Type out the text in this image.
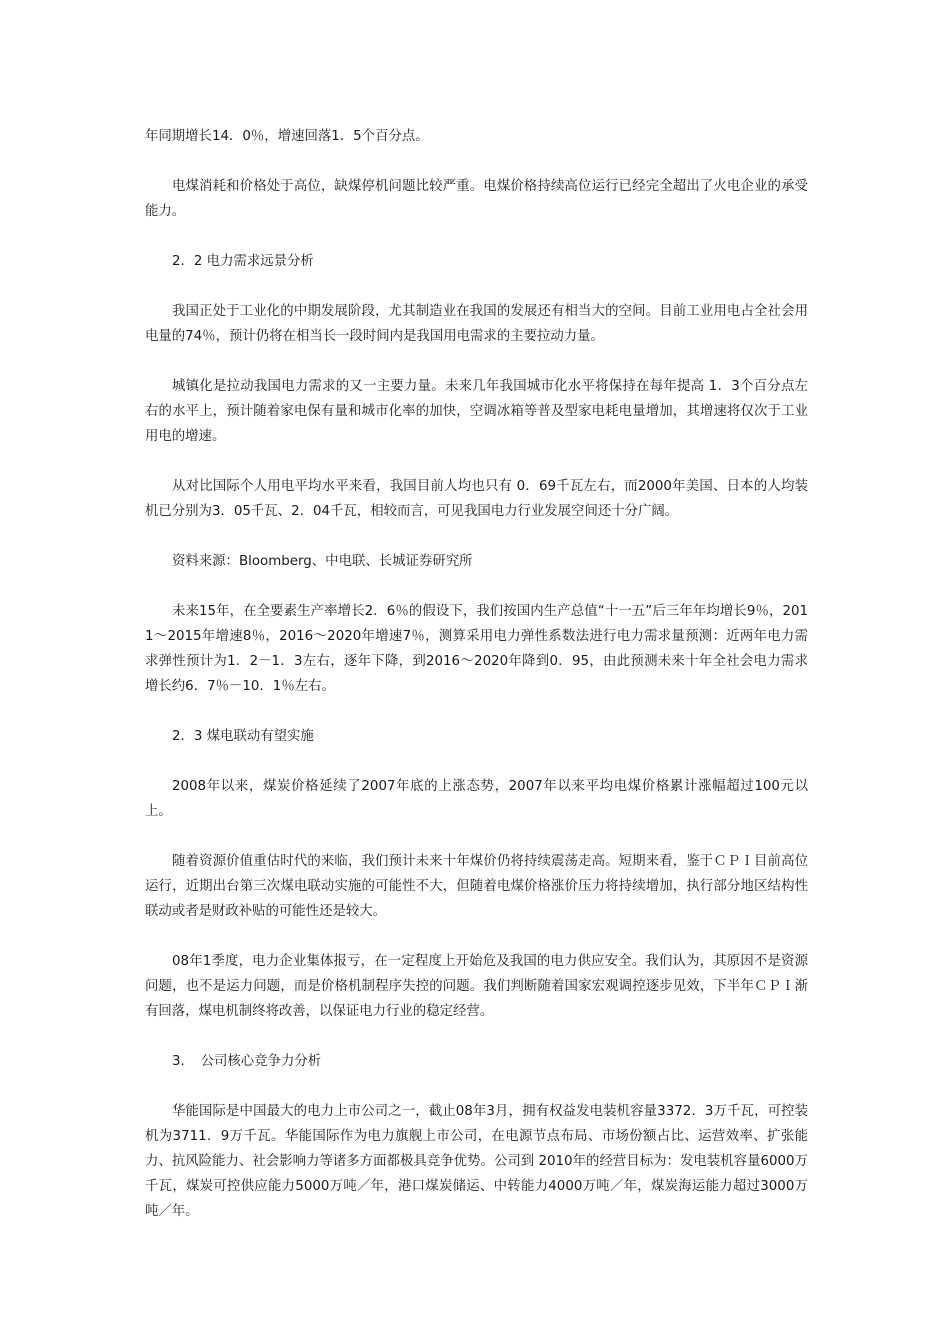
年同期增长14．0％，增速回落1．5个百分点。

电煤消耗和价格处于高位，缺煤停机问题比较严重。电煤价格持续高位运行已经完全超出了火电企业的承受能力。

2．2 电力需求远景分析

我国正处于工业化的中期发展阶段，尤其制造业在我国的发展还有相当大的空间。目前工业用电占全社会用电量的74％，预计仍将在相当长一段时间内是我国用电需求的主要拉动力量。

城镇化是拉动我国电力需求的又一主要力量。未来几年我国城市化水平将保持在每年提高 1．3个百分点左右的水平上，预计随着家电保有量和城市化率的加快，空调冰箱等普及型家电耗电量增加，其增速将仅次于工业用电的增速。

从对比国际个人用电平均水平来看，我国目前人均也只有 0．69千瓦左右，而2000年美国、日本的人均装机已分别为3．05千瓦、2．04千瓦，相较而言，可见我国电力行业发展空间还十分广阔。

资料来源：Bloomberg、中电联、长城证券研究所

未来15年，在全要素生产率增长2．6％的假设下，我们按国内生产总值“十一五”后三年年均增长9％，2011～2015年增速8％，2016～2020年增速7％，测算采用电力弹性系数法进行电力需求量预测：近两年电力需求弹性预计为1．2－1．3左右，逐年下降，到2016～2020年降到0．95，由此预测未来十年全社会电力需求增长约6．7％－10．1％左右。

2．3 煤电联动有望实施

2008年以来，煤炭价格延续了2007年底的上涨态势，2007年以来平均电煤价格累计涨幅超过100元以上。

随着资源价值重估时代的来临，我们预计未来十年煤价仍将持续震荡走高。短期来看，鉴于ＣＰＩ目前高位运行，近期出台第三次煤电联动实施的可能性不大，但随着电煤价格涨价压力将持续增加，执行部分地区结构性联动或者是财政补贴的可能性还是较大。

08年1季度，电力企业集体报亏，在一定程度上开始危及我国的电力供应安全。我们认为，其原因不是资源问题，也不是运力问题，而是价格机制程序失控的问题。我们判断随着国家宏观调控逐步见效，下半年ＣＰＩ渐有回落，煤电机制终将改善，以保证电力行业的稳定经营。

3．　公司核心竞争力分析

华能国际是中国最大的电力上市公司之一，截止08年3月，拥有权益发电装机容量3372．3万千瓦，可控装机为3711．9万千瓦。华能国际作为电力旗舰上市公司，在电源节点布局、市场份额占比、运营效率、扩张能力、抗风险能力、社会影响力等诸多方面都极具竞争优势。公司到 2010年的经营目标为：发电装机容量6000万千瓦，煤炭可控供应能力5000万吨／年，港口煤炭储运、中转能力4000万吨／年，煤炭海运能力超过3000万吨／年。
